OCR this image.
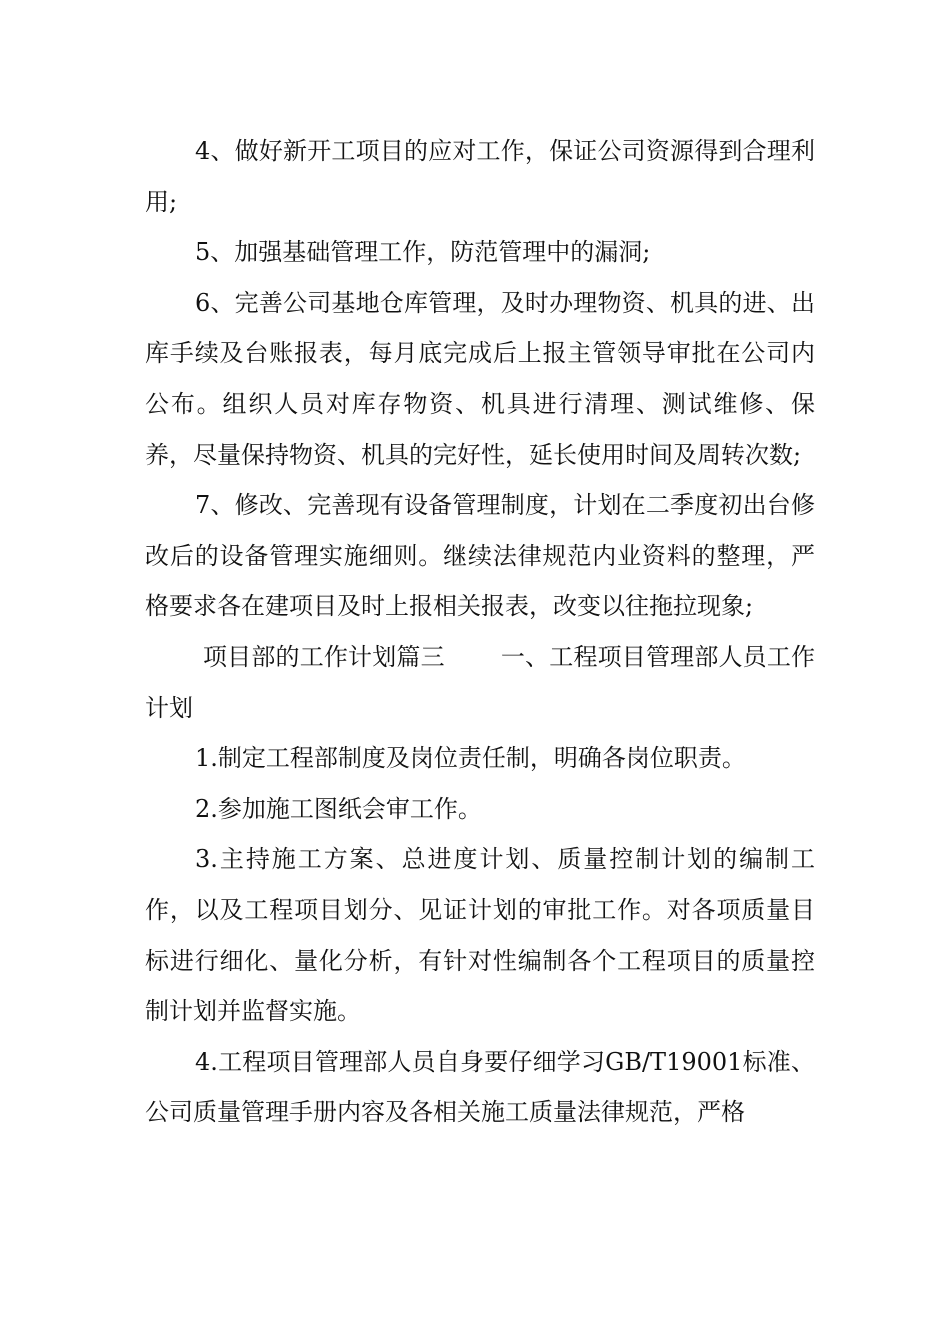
4、做好新开工项目的应对工作，保证公司资源得到合理利用;

5、加强基础管理工作，防范管理中的漏洞;

6、完善公司基地仓库管理，及时办理物资、机具的进、出库手续及台账报表，每月底完成后上报主管领导审批在公司内公布。组织人员对库存物资、机具进行清理、测试维修、保养，尽量保持物资、机具的完好性，延长使用时间及周转次数;

7、修改、完善现有设备管理制度，计划在二季度初出台修改后的设备管理实施细则。继续法律规范内业资料的整理，严格要求各在建项目及时上报相关报表，改变以往拖拉现象;

项目部的工作计划篇三 一、工程项目管理部人员工作计划

1.制定工程部制度及岗位责任制，明确各岗位职责。

2.参加施工图纸会审工作。

3.主持施工方案、总进度计划、质量控制计划的编制工作，以及工程项目划分、见证计划的审批工作。对各项质量目标进行细化、量化分析，有针对性编制各个工程项目的质量控制计划并监督实施。

4.工程项目管理部人员自身要仔细学习GB/T19001标准、公司质量管理手册内容及各相关施工质量法律规范，严格
